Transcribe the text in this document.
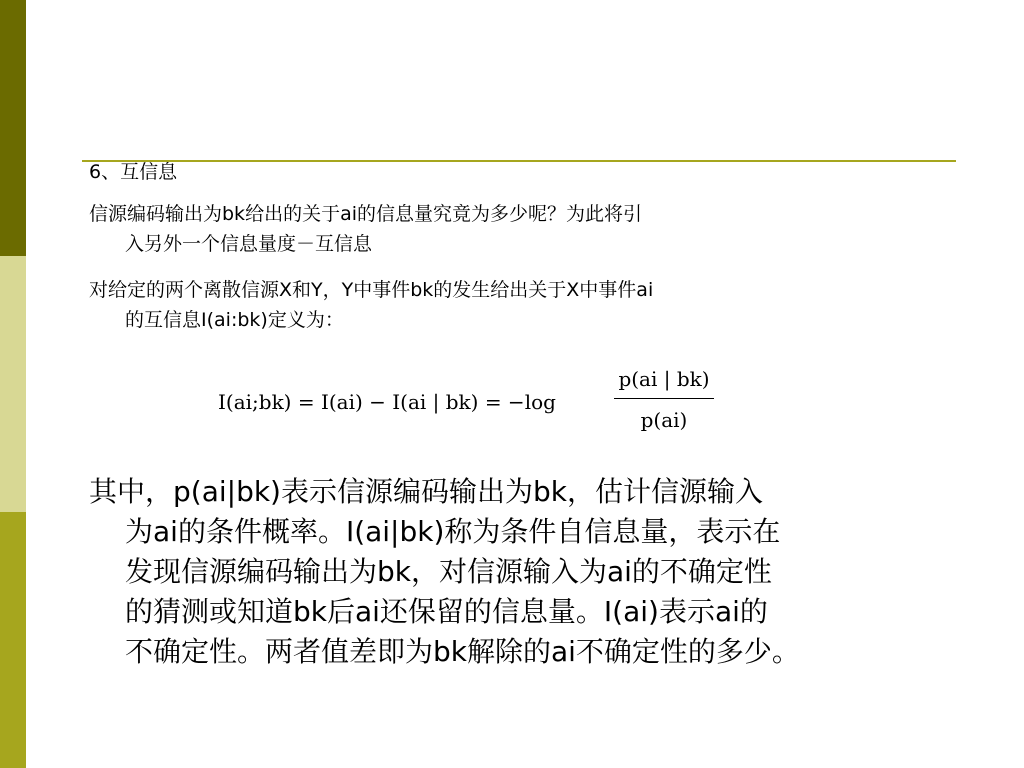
6、互信息
信源编码输出为bk给出的关于ai的信息量究竟为多少呢？为此将引
入另外一个信息量度－互信息
对给定的两个离散信源X和Y，Y中事件bk的发生给出关于X中事件ai
的互信息I(ai:bk)定义为：
I(ai;bk) = I(ai) − I(ai | bk) = −log
p(ai | bk)
p(ai)
其中，p(ai|bk)表示信源编码输出为bk，估计信源输入
为ai的条件概率。I(ai|bk)称为条件自信息量，表示在
发现信源编码输出为bk，对信源输入为ai的不确定性
的猜测或知道bk后ai还保留的信息量。I(ai)表示ai的
不确定性。两者值差即为bk解除的ai不确定性的多少。
